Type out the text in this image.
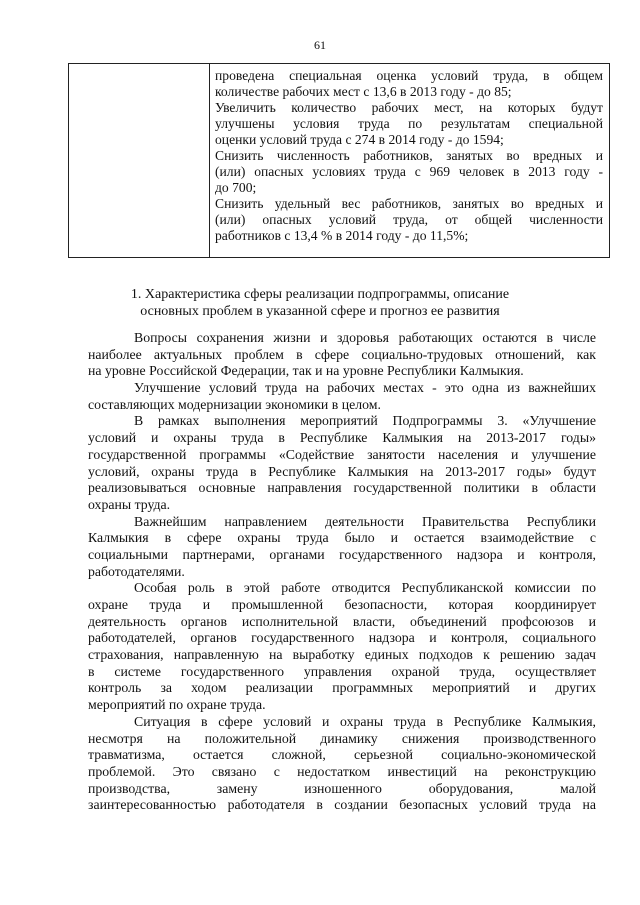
61
проведена специальная оценка условий труда, в общем
количестве рабочих мест с 13,6 в 2013 году - до 85;
Увеличить количество рабочих мест, на которых будут
улучшены условия труда по результатам специальной
оценки условий труда с 274 в 2014 году - до 1594;
Снизить численность работников, занятых во вредных и
(или) опасных условиях труда с 969 человек в 2013 году -
до 700;
Снизить удельный вес работников, занятых во вредных и
(или) опасных условий труда, от общей численности
работников с 13,4 % в 2014 году - до 11,5%;
1. Характеристика сферы реализации подпрограммы, описание
основных проблем в указанной сфере и прогноз ее развития
Вопросы сохранения жизни и здоровья работающих остаются в числе
наиболее актуальных проблем в сфере социально-трудовых отношений, как
на уровне Российской Федерации, так и на уровне Республики Калмыкия.
Улучшение условий труда на рабочих местах - это одна из важнейших
составляющих модернизации экономики в целом.
В рамках выполнения мероприятий Подпрограммы 3. «Улучшение
условий и охраны труда в Республике Калмыкия на 2013-2017 годы»
государственной программы «Содействие занятости населения и улучшение
условий, охраны труда в Республике Калмыкия на 2013-2017 годы» будут
реализовываться основные направления государственной политики в области
охраны труда.
Важнейшим направлением деятельности Правительства Республики
Калмыкия в сфере охраны труда было и остается взаимодействие с
социальными партнерами, органами государственного надзора и контроля,
работодателями.
Особая роль в этой работе отводится Республиканской комиссии по
охране труда и промышленной безопасности, которая координирует
деятельность органов исполнительной власти, объединений профсоюзов и
работодателей, органов государственного надзора и контроля, социального
страхования, направленную на выработку единых подходов к решению задач
в системе государственного управления охраной труда, осуществляет
контроль за ходом реализации программных мероприятий и других
мероприятий по охране труда.
Ситуация в сфере условий и охраны труда в Республике Калмыкия,
несмотря на положительной динамику снижения производственного
травматизма, остается сложной, серьезной социально-экономической
проблемой. Это связано с недостатком инвестиций на реконструкцию
производства, замену изношенного оборудования, малой
заинтересованностью работодателя в создании безопасных условий труда на
